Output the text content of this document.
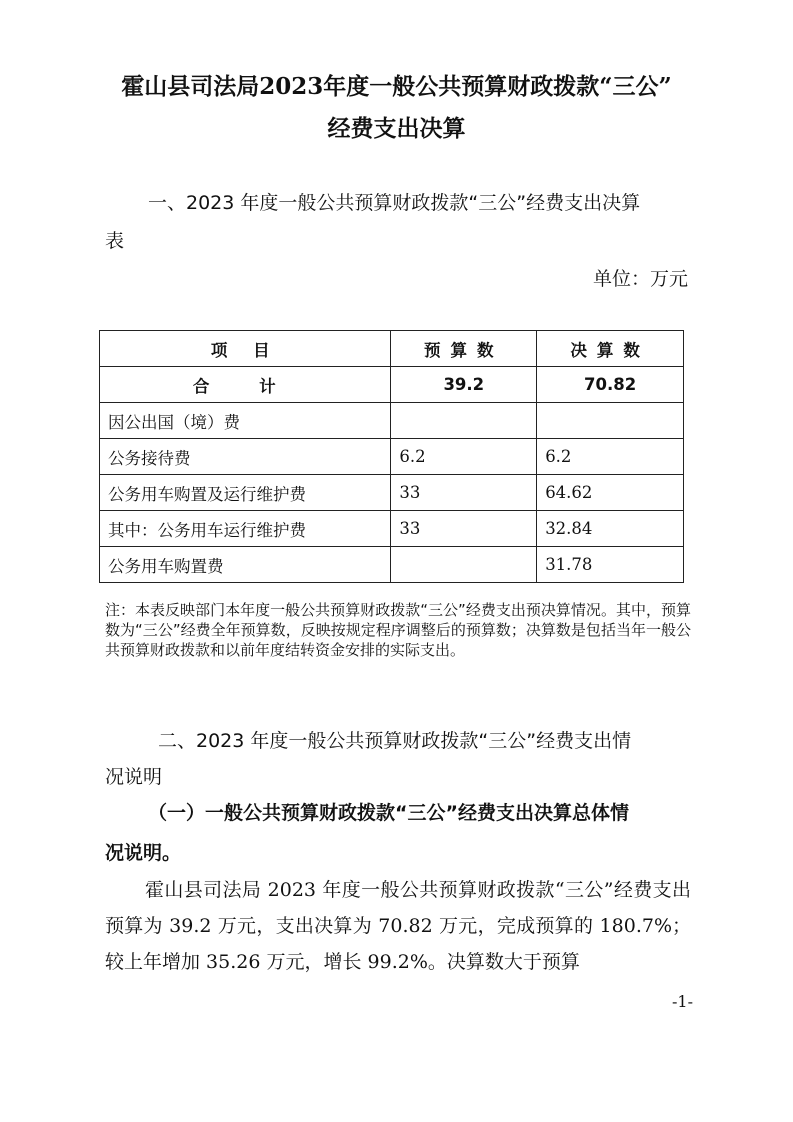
霍山县司法局2023年度一般公共预算财政拨款“三公”
经费支出决算
一、2023 年度一般公共预算财政拨款“三公”经费支出决算
表
单位：万元
项 目	预算数	决算数
合 计	39.2	70.82
因公出国（境）费		
公务接待费	6.2	6.2
公务用车购置及运行维护费	33	64.62
其中：公务用车运行维护费	33	32.84
公务用车购置费		31.78
注：本表反映部门本年度一般公共预算财政拨款“三公”经费支出预决算情况。其中，预算数为“三公”经费全年预算数，反映按规定程序调整后的预算数；决算数是包括当年一般公共预算财政拨款和以前年度结转资金安排的实际支出。
二、2023 年度一般公共预算财政拨款“三公”经费支出情
况说明
（一）一般公共预算财政拨款“三公”经费支出决算总体情
况说明。
霍山县司法局 2023 年度一般公共预算财政拨款“三公”经费支出预算为 39.2 万元，支出决算为 70.82 万元，完成预算的 180.7%；较上年增加 35.26 万元，增长 99.2%。决算数大于预算
-1-
